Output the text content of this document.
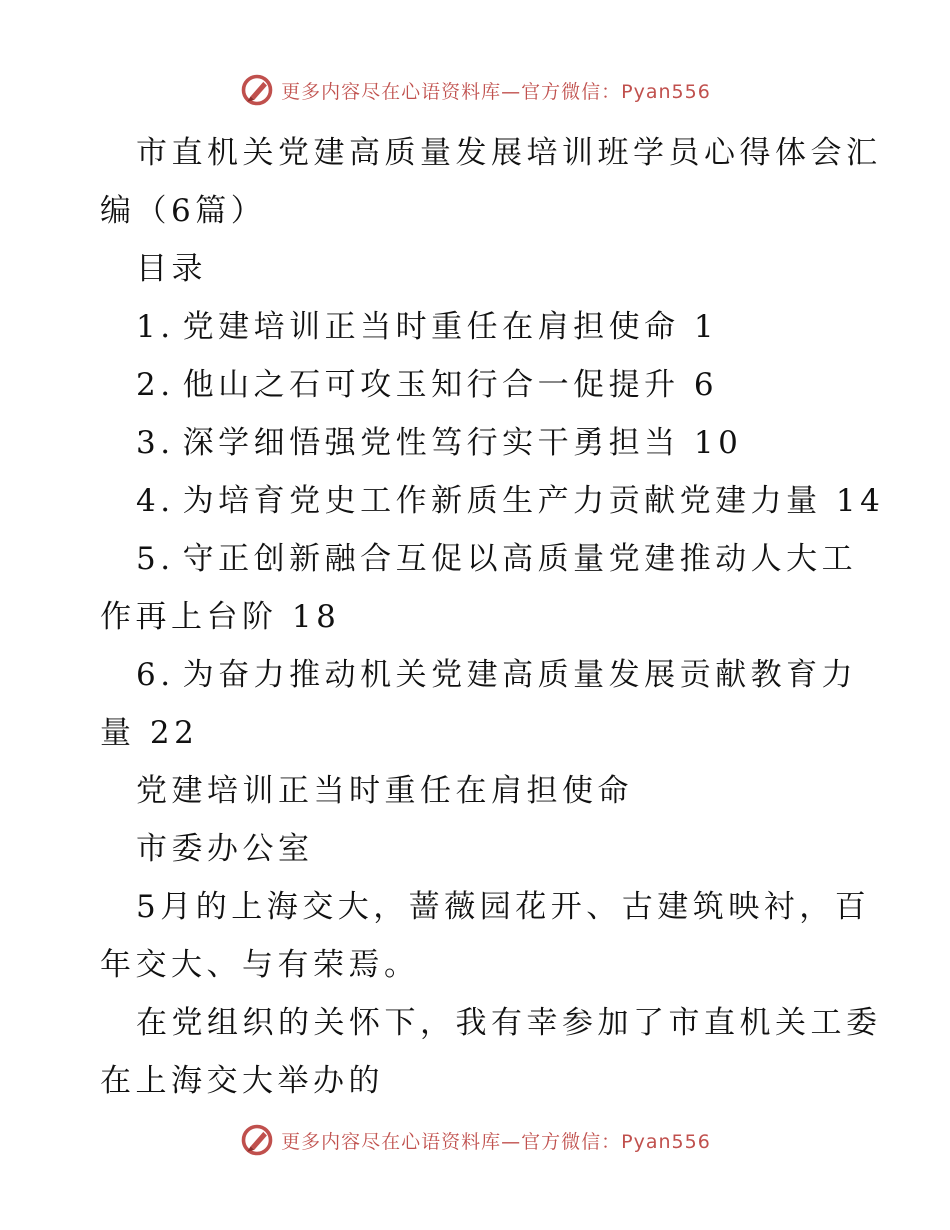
更多内容尽在心语资料库—官方微信：Pyan556
市直机关党建高质量发展培训班学员心得体会汇
编（6篇）
目录
1. 党建培训正当时重任在肩担使命 1
2. 他山之石可攻玉知行合一促提升 6
3. 深学细悟强党性笃行实干勇担当 10
4. 为培育党史工作新质生产力贡献党建力量 14
5. 守正创新融合互促以高质量党建推动人大工
作再上台阶 18
6. 为奋力推动机关党建高质量发展贡献教育力
量 22
党建培训正当时重任在肩担使命
市委办公室
5月的上海交大，蔷薇园花开、古建筑映衬，百
年交大、与有荣焉。
在党组织的关怀下，我有幸参加了市直机关工委
在上海交大举办的
更多内容尽在心语资料库—官方微信：Pyan556
